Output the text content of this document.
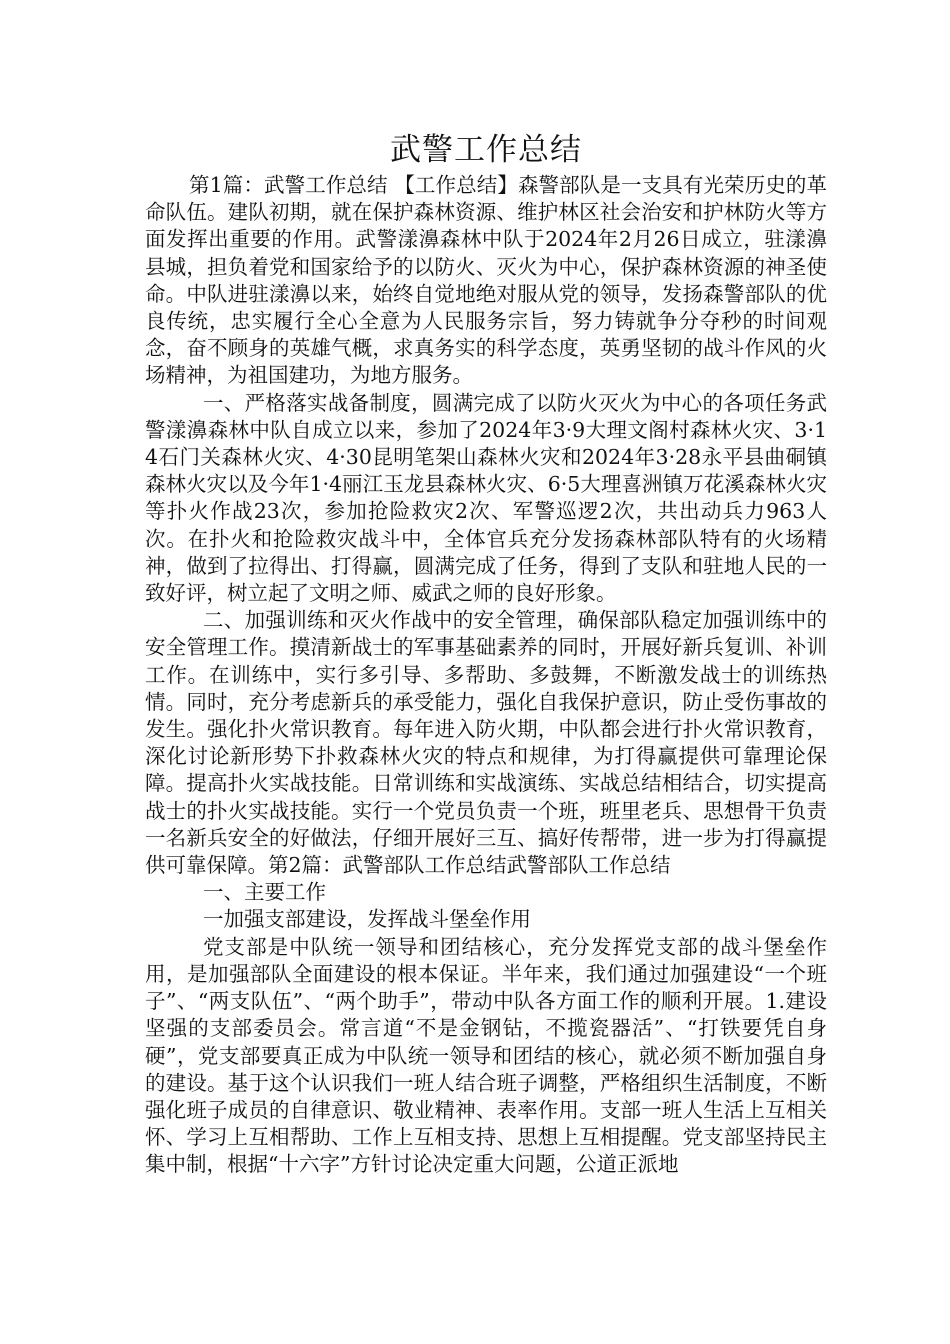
武警工作总结

第1篇：武警工作总结 【工作总结】森警部队是一支具有光荣历史的革命队伍。建队初期，就在保护森林资源、维护林区社会治安和护林防火等方面发挥出重要的作用。武警漾濞森林中队于2024年2月26日成立，驻漾濞县城，担负着党和国家给予的以防火、灭火为中心，保护森林资源的神圣使命。中队进驻漾濞以来，始终自觉地绝对服从党的领导，发扬森警部队的优良传统，忠实履行全心全意为人民服务宗旨，努力铸就争分夺秒的时间观念，奋不顾身的英雄气概，求真务实的科学态度，英勇坚韧的战斗作风的火场精神，为祖国建功，为地方服务。

一、严格落实战备制度，圆满完成了以防火灭火为中心的各项任务武警漾濞森林中队自成立以来，参加了2024年3·9大理文阁村森林火灾、3·14石门关森林火灾、4·30昆明笔架山森林火灾和2024年3·28永平县曲硐镇森林火灾以及今年1·4丽江玉龙县森林火灾、6·5大理喜洲镇万花溪森林火灾等扑火作战23次，参加抢险救灾2次、军警巡逻2次，共出动兵力963人次。在扑火和抢险救灾战斗中，全体官兵充分发扬森林部队特有的火场精神，做到了拉得出、打得赢，圆满完成了任务，得到了支队和驻地人民的一致好评，树立起了文明之师、威武之师的良好形象。

二、加强训练和灭火作战中的安全管理，确保部队稳定加强训练中的安全管理工作。摸清新战士的军事基础素养的同时，开展好新兵复训、补训工作。在训练中，实行多引导、多帮助、多鼓舞，不断激发战士的训练热情。同时，充分考虑新兵的承受能力，强化自我保护意识，防止受伤事故的发生。强化扑火常识教育。每年进入防火期，中队都会进行扑火常识教育，深化讨论新形势下扑救森林火灾的特点和规律，为打得赢提供可靠理论保障。提高扑火实战技能。日常训练和实战演练、实战总结相结合，切实提高战士的扑火实战技能。实行一个党员负责一个班，班里老兵、思想骨干负责一名新兵安全的好做法，仔细开展好三互、搞好传帮带，进一步为打得赢提供可靠保障。第2篇：武警部队工作总结武警部队工作总结

一、主要工作

一加强支部建设，发挥战斗堡垒作用

党支部是中队统一领导和团结核心，充分发挥党支部的战斗堡垒作用，是加强部队全面建设的根本保证。半年来，我们通过加强建设“一个班子”、“两支队伍”、“两个助手”，带动中队各方面工作的顺利开展。1.建设坚强的支部委员会。常言道“不是金钢钻，不揽瓷器活”、“打铁要凭自身硬”，党支部要真正成为中队统一领导和团结的核心，就必须不断加强自身的建设。基于这个认识我们一班人结合班子调整，严格组织生活制度，不断强化班子成员的自律意识、敬业精神、表率作用。支部一班人生活上互相关怀、学习上互相帮助、工作上互相支持、思想上互相提醒。党支部坚持民主集中制，根据“十六字”方针讨论决定重大问题，公道正派地
